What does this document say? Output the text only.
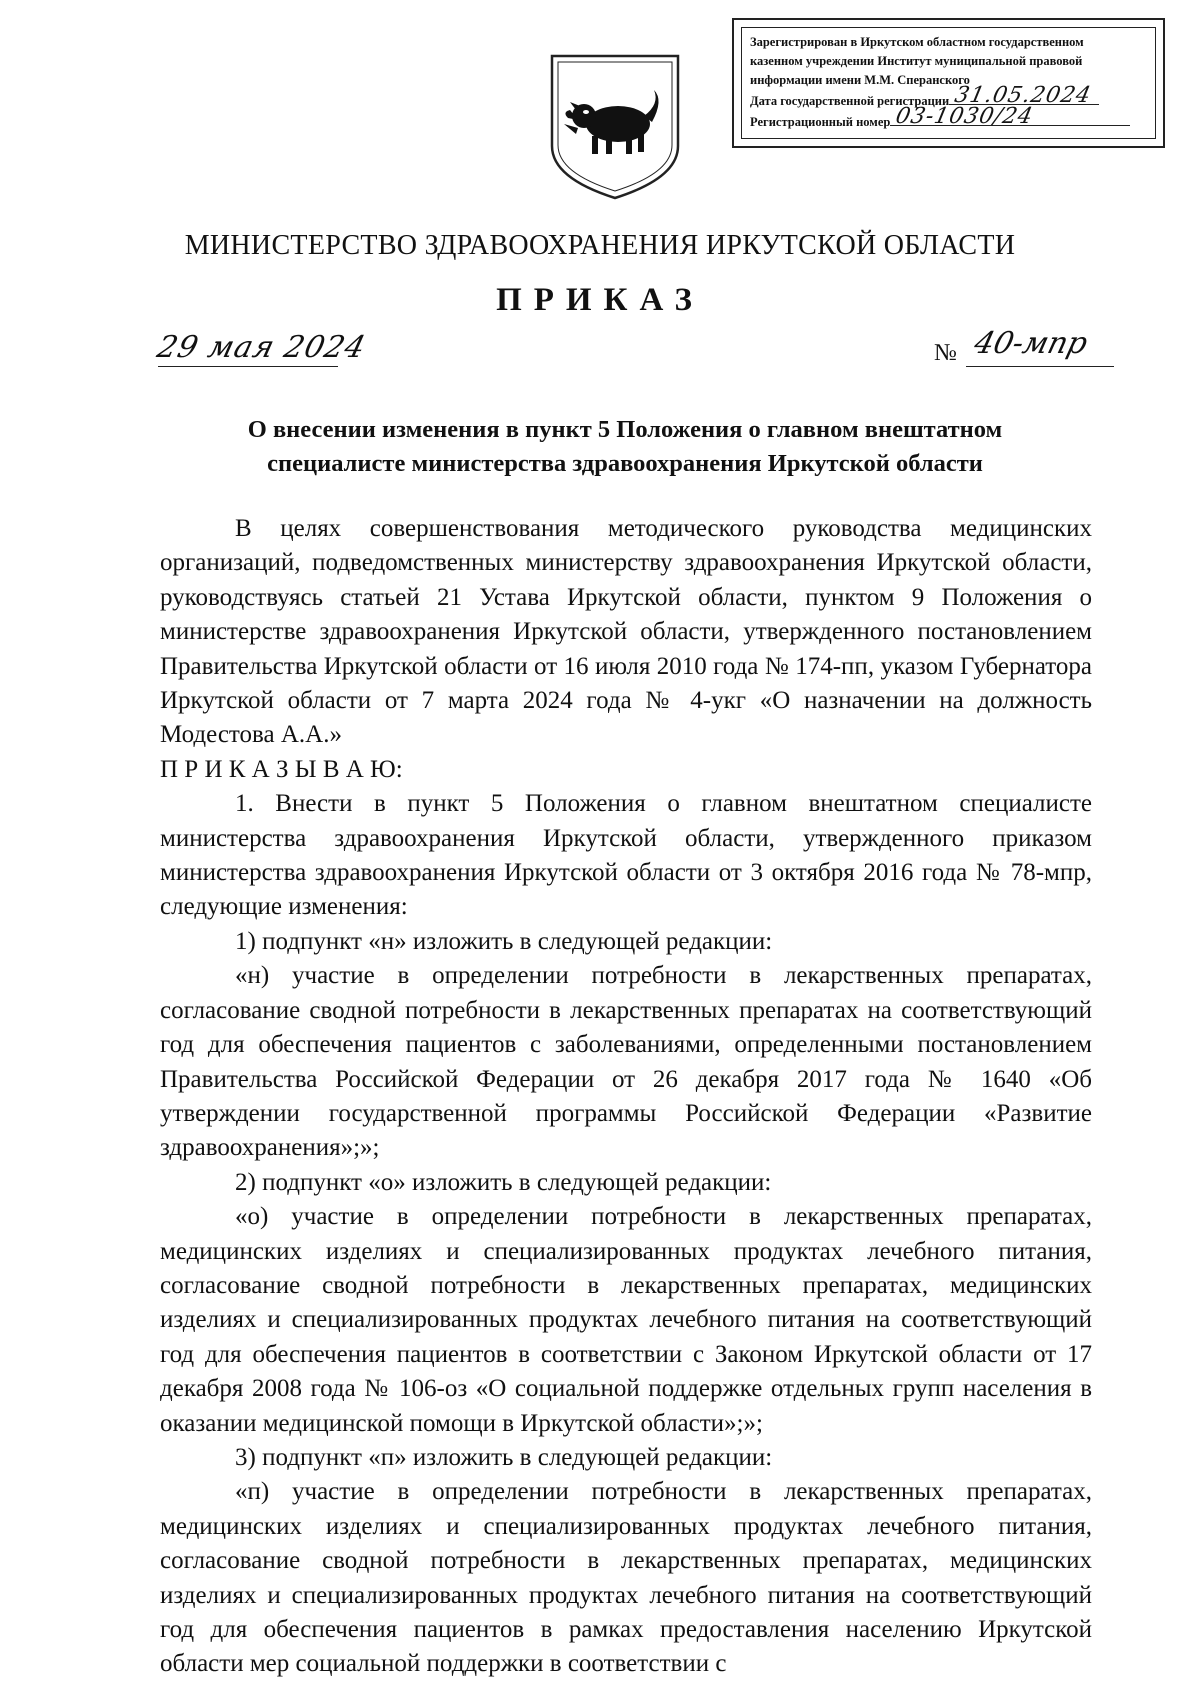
Зарегистрирован в Иркутском областном государственном
казенном учреждении Институт муниципальной правовой
информации имени М.М. Сперанского
Дата государственной регистрации 31.05.2024
Регистрационный номер 03-1030/24
МИНИСТЕРСТВО ЗДРАВООХРАНЕНИЯ ИРКУТСКОЙ ОБЛАСТИ
ПРИКАЗ
29 мая 2024	№ 40-мпр
О внесении изменения в пункт 5 Положения о главном внештатном
специалисте министерства здравоохранения Иркутской области

В целях совершенствования методического руководства медицинских организаций, подведомственных министерству здравоохранения Иркутской области, руководствуясь статьей 21 Устава Иркутской области, пунктом 9 Положения о министерстве здравоохранения Иркутской области, утвержденного постановлением Правительства Иркутской области от 16 июля 2010 года № 174-пп, указом Губернатора Иркутской области от 7 марта 2024 года № 4-укг «О назначении на должность Модестова А.А.»

П Р И К А З Ы В А Ю:

1. Внести в пункт 5 Положения о главном внештатном специалисте министерства здравоохранения Иркутской области, утвержденного приказом министерства здравоохранения Иркутской области от 3 октября 2016 года № 78-мпр, следующие изменения:

1) подпункт «н» изложить в следующей редакции:

«н) участие в определении потребности в лекарственных препаратах, согласование сводной потребности в лекарственных препаратах на соответствующий год для обеспечения пациентов с заболеваниями, определенными постановлением Правительства Российской Федерации от 26 декабря 2017 года № 1640 «Об утверждении государственной программы Российской Федерации «Развитие здравоохранения»;»;

2) подпункт «о» изложить в следующей редакции:

«о) участие в определении потребности в лекарственных препаратах, медицинских изделиях и специализированных продуктах лечебного питания, согласование сводной потребности в лекарственных препаратах, медицинских изделиях и специализированных продуктах лечебного питания на соответствующий год для обеспечения пациентов в соответствии с Законом Иркутской области от 17 декабря 2008 года № 106-оз «О социальной поддержке отдельных групп населения в оказании медицинской помощи в Иркутской области»;»;

3) подпункт «п» изложить в следующей редакции:

«п) участие в определении потребности в лекарственных препаратах, медицинских изделиях и специализированных продуктах лечебного питания, согласование сводной потребности в лекарственных препаратах, медицинских изделиях и специализированных продуктах лечебного питания на соответствующий год для обеспечения пациентов в рамках предоставления населению Иркутской области мер социальной поддержки в соответствии с
